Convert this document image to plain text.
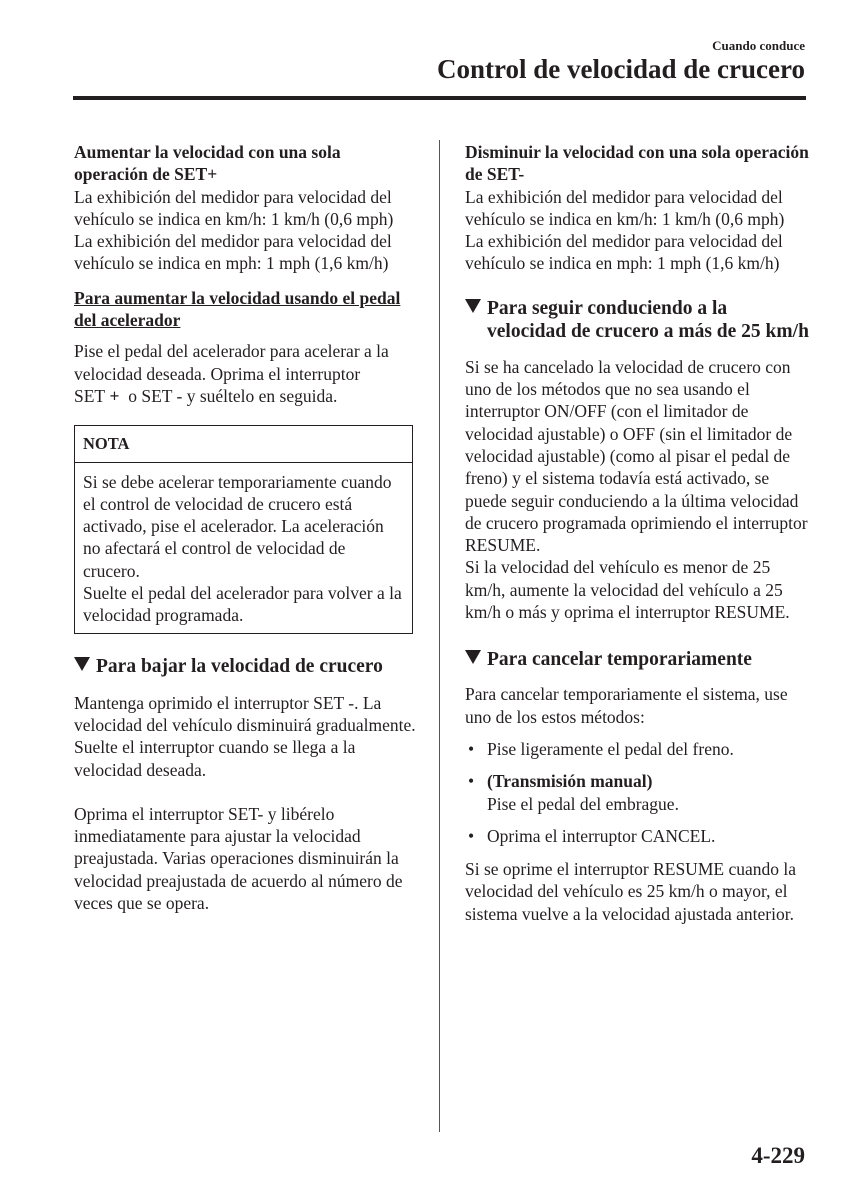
Cuando conduce
Control de velocidad de crucero

Aumentar la velocidad con una sola operación de SET+

La exhibición del medidor para velocidad del vehículo se indica en km/h: 1 km/h (0,6 mph)

La exhibición del medidor para velocidad del vehículo se indica en mph: 1 mph (1,6 km/h)

Para aumentar la velocidad usando el pedal del acelerador

Pise el pedal del acelerador para acelerar a la velocidad deseada. Oprima el interruptor SET + o SET - y suéltelo en seguida.

NOTA

Si se debe acelerar temporariamente cuando el control de velocidad de crucero está activado, pise el acelerador. La aceleración no afectará el control de velocidad de crucero.

Suelte el pedal del acelerador para volver a la velocidad programada.

Para bajar la velocidad de crucero

Mantenga oprimido el interruptor SET -. La velocidad del vehículo disminuirá gradualmente.

Suelte el interruptor cuando se llega a la velocidad deseada.

Oprima el interruptor SET- y libérelo inmediatamente para ajustar la velocidad preajustada. Varias operaciones disminuirán la velocidad preajustada de acuerdo al número de veces que se opera.

Disminuir la velocidad con una sola operación de SET-

La exhibición del medidor para velocidad del vehículo se indica en km/h: 1 km/h (0,6 mph)

La exhibición del medidor para velocidad del vehículo se indica en mph: 1 mph (1,6 km/h)

Para seguir conduciendo a la velocidad de crucero a más de 25 km/h

Si se ha cancelado la velocidad de crucero con uno de los métodos que no sea usando el interruptor ON/OFF (con el limitador de velocidad ajustable) o OFF (sin el limitador de velocidad ajustable) (como al pisar el pedal de freno) y el sistema todavía está activado, se puede seguir conduciendo a la última velocidad de crucero programada oprimiendo el interruptor RESUME.

Si la velocidad del vehículo es menor de 25 km/h, aumente la velocidad del vehículo a 25 km/h o más y oprima el interruptor RESUME.

Para cancelar temporariamente

Para cancelar temporariamente el sistema, use uno de los estos métodos:

• Pise ligeramente el pedal del freno.
• (Transmisión manual)
Pise el pedal del embrague.
• Oprima el interruptor CANCEL.

Si se oprime el interruptor RESUME cuando la velocidad del vehículo es 25 km/h o mayor, el sistema vuelve a la velocidad ajustada anterior.

4-229
